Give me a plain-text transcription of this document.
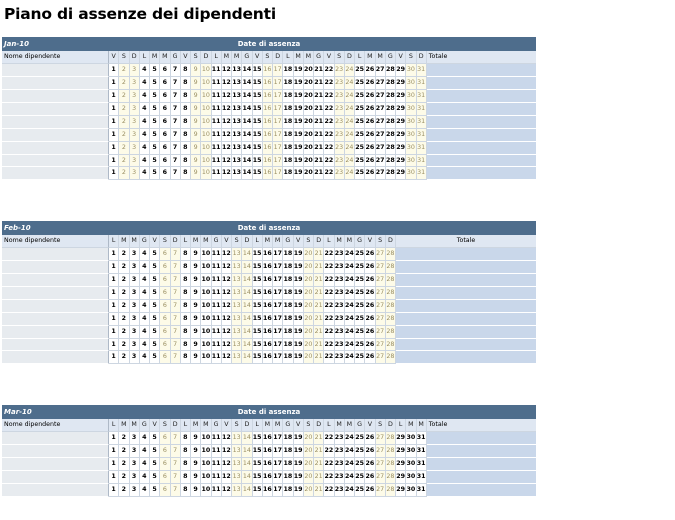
Piano di assenze dei dipendenti
Date di assenza
Jan-10
Nome dipendente	V S D L M M G V S D L M M G V S D L M M G V S D L M M G V S D Totale
1 2 3 4 5 6 7 8 9 10 11 12 13 14 15 16 17 18 19 20 21 22 23 24 25 26 27 28 29 30 31
1 2 3 4 5 6 7 8 9 10 11 12 13 14 15 16 17 18 19 20 21 22 23 24 25 26 27 28 29 30 31
1 2 3 4 5 6 7 8 9 10 11 12 13 14 15 16 17 18 19 20 21 22 23 24 25 26 27 28 29 30 31
1 2 3 4 5 6 7 8 9 10 11 12 13 14 15 16 17 18 19 20 21 22 23 24 25 26 27 28 29 30 31
1 2 3 4 5 6 7 8 9 10 11 12 13 14 15 16 17 18 19 20 21 22 23 24 25 26 27 28 29 30 31
1 2 3 4 5 6 7 8 9 10 11 12 13 14 15 16 17 18 19 20 21 22 23 24 25 26 27 28 29 30 31
1 2 3 4 5 6 7 8 9 10 11 12 13 14 15 16 17 18 19 20 21 22 23 24 25 26 27 28 29 30 31
1 2 3 4 5 6 7 8 9 10 11 12 13 14 15 16 17 18 19 20 21 22 23 24 25 26 27 28 29 30 31
1 2 3 4 5 6 7 8 9 10 11 12 13 14 15 16 17 18 19 20 21 22 23 24 25 26 27 28 29 30 31
Date di assenza
Feb-10
Nome dipendente	L M M G V S D L M M G V S D L M M G V S D L M M G V S D	Totale
1 2 3 4 5 6 7 8 9 10 11 12 13 14 15 16 17 18 19 20 21 22 23 24 25 26 27 28
1 2 3 4 5 6 7 8 9 10 11 12 13 14 15 16 17 18 19 20 21 22 23 24 25 26 27 28
1 2 3 4 5 6 7 8 9 10 11 12 13 14 15 16 17 18 19 20 21 22 23 24 25 26 27 28
1 2 3 4 5 6 7 8 9 10 11 12 13 14 15 16 17 18 19 20 21 22 23 24 25 26 27 28
1 2 3 4 5 6 7 8 9 10 11 12 13 14 15 16 17 18 19 20 21 22 23 24 25 26 27 28
1 2 3 4 5 6 7 8 9 10 11 12 13 14 15 16 17 18 19 20 21 22 23 24 25 26 27 28
1 2 3 4 5 6 7 8 9 10 11 12 13 14 15 16 17 18 19 20 21 22 23 24 25 26 27 28
1 2 3 4 5 6 7 8 9 10 11 12 13 14 15 16 17 18 19 20 21 22 23 24 25 26 27 28
1 2 3 4 5 6 7 8 9 10 11 12 13 14 15 16 17 18 19 20 21 22 23 24 25 26 27 28
Date di assenza
Mar-10
Nome dipendente	L M M G V S D L M M G V S D L M M G V S D L M M G V S D L M M Totale
1 2 3 4 5 6 7 8 9 10 11 12 13 14 15 16 17 18 19 20 21 22 23 24 25 26 27 28 29 30 31
1 2 3 4 5 6 7 8 9 10 11 12 13 14 15 16 17 18 19 20 21 22 23 24 25 26 27 28 29 30 31
1 2 3 4 5 6 7 8 9 10 11 12 13 14 15 16 17 18 19 20 21 22 23 24 25 26 27 28 29 30 31
1 2 3 4 5 6 7 8 9 10 11 12 13 14 15 16 17 18 19 20 21 22 23 24 25 26 27 28 29 30 31
1 2 3 4 5 6 7 8 9 10 11 12 13 14 15 16 17 18 19 20 21 22 23 24 25 26 27 28 29 30 31
